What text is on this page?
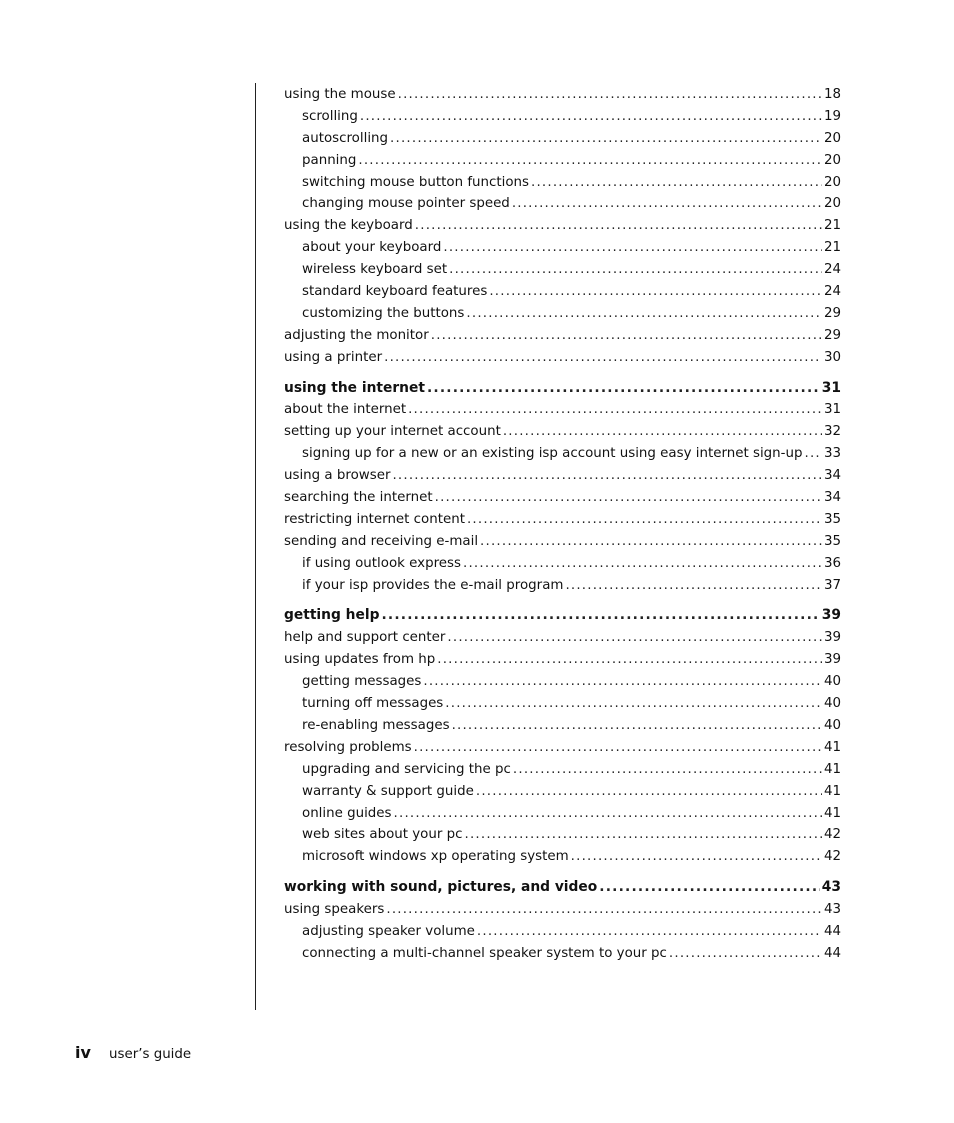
using the mouse .....	18
scrolling .....	19
autoscrolling .....	20
panning .....	20
switching mouse button functions .....	20
changing mouse pointer speed .....	20
using the keyboard .....	21
about your keyboard .....	21
wireless keyboard set .....	24
standard keyboard features .....	24
customizing the buttons .....	29
adjusting the monitor .....	29
using a printer .....	30
using the internet .....	31
about the internet .....	31
setting up your internet account .....	32
signing up for a new or an existing isp account using easy internet sign-up ..... 33
using a browser .....	34
searching the internet .....	34
restricting internet content .....	35
sending and receiving e-mail .....	35
if using outlook express .....	36
if your isp provides the e-mail program .....	37
getting help .....	39
help and support center .....	39
using updates from hp .....	39
getting messages .....	40
turning off messages .....	40
re-enabling messages .....	40
resolving problems .....	41
upgrading and servicing the pc .....	41
warranty & support guide .....	41
online guides .....	41
web sites about your pc .....	42
microsoft windows xp operating system .....	42
working with sound, pictures, and video .....	43
using speakers .....	43
adjusting speaker volume .....	44
connecting a multi-channel speaker system to your pc .....	44
iv	user’s guide
